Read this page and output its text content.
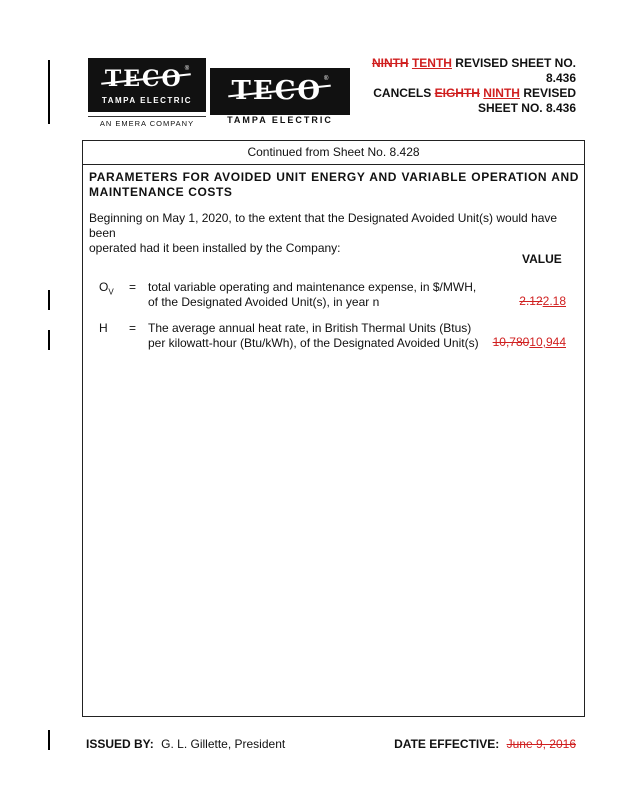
TECO ®
TAMPA ELECTRIC
AN EMERA COMPANY
TECO ®
TAMPA ELECTRIC
NINTH TENTH REVISED SHEET NO.
8.436
CANCELS EIGHTH NINTH REVISED
SHEET NO. 8.436
Continued from Sheet No. 8.428
PARAMETERS FOR AVOIDED UNIT ENERGY AND VARIABLE OPERATION AND
MAINTENANCE COSTS
Beginning on May 1, 2020, to the extent that the Designated Avoided Unit(s) would have been
operated had it been installed by the Company:
VALUE
$O_V$ = total variable operating and maintenance expense, in $/MWH,
of the Designated Avoided Unit(s), in year n	2.122.18
H = The average annual heat rate, in British Thermal Units (Btus)
per kilowatt-hour (Btu/kWh), of the Designated Avoided Unit(s)	10,78010,944
ISSUED BY: G. L. Gillette, President	DATE EFFECTIVE: June 9, 2016
